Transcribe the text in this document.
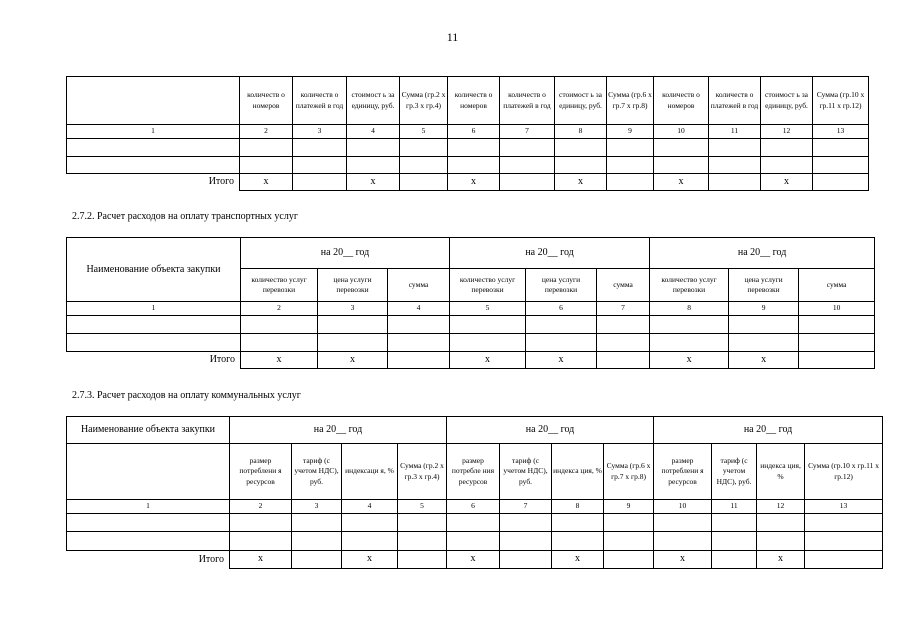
11
	количеств о номеров	количеств о платежей в год	стоимост ь за единицу, руб.	Сумма (гр.2 x гр.3 x гр.4)	количеств о номеров	количеств о платежей в год	стоимост ь за единицу, руб.	Сумма (гр.6 x гр.7 x гр.8)	количеств о номеров	количеств о платежей в год	стоимост ь за единицу, руб.	Сумма (гр.10 x гр.11 x гр.12)
1	2	3	4	5	6	7	8	9	10	11	12	13

Итого	x		x		x		x		x		x	
2.7.2. Расчет расходов на оплату транспортных услуг
Наименование объекта закупки	на 20__ год			на 20__ год			на 20__ год		
	количество услуг перевозки	цена услуги перевозки	сумма	количество услуг перевозки	цена услуги перевозки	сумма	количество услуг перевозки	цена услуги перевозки	сумма
1	2	3	4	5	6	7	8	9	10

Итого	x	x		x	x		x	x	
2.7.3. Расчет расходов на оплату коммунальных услуг
Наименование объекта закупки	на 20__ год				на 20__ год				на 20__ год			
	размер потреблени я ресурсов	тариф (с учетом НДС), руб.	индексаци я, %	Сумма (гр.2 x гр.3 x гр.4)	размер потребле ния ресурсов	тариф (с учетом НДС), руб.	индекса ция, %	Сумма (гр.6 x гр.7 x гр.8)	размер потреблени я ресурсов	тариф (с учетом НДС), руб.	индекса ция, %	Сумма (гр.10 x гр.11 x гр.12)
1	2	3	4	5	6	7	8	9	10	11	12	13

Итого	x		x		x		x		x		x	
